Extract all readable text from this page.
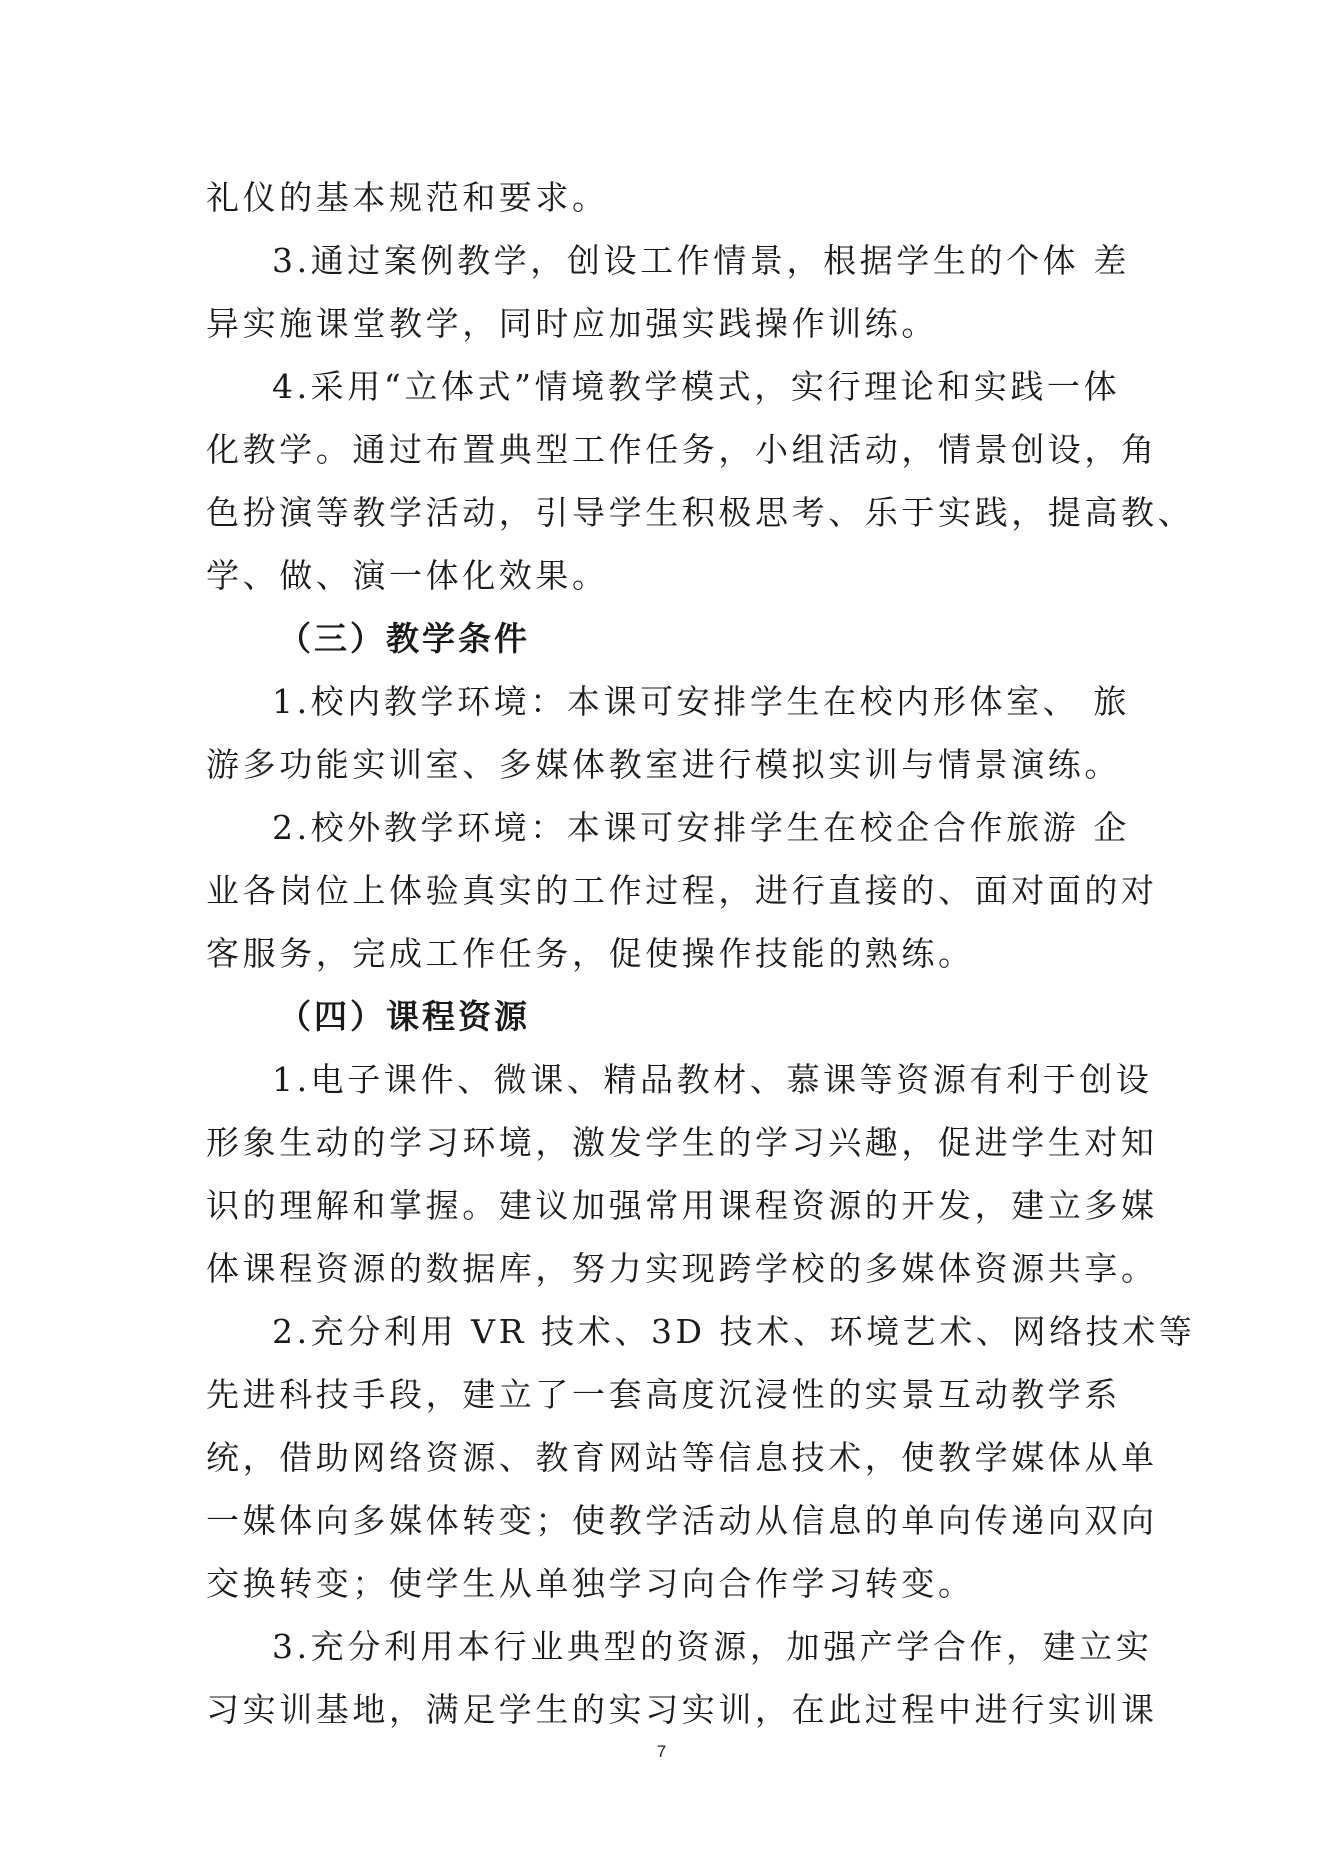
礼仪的基本规范和要求。
3.通过案例教学，创设工作情景，根据学生的个体 差
异实施课堂教学，同时应加强实践操作训练。
4.采用“立体式”情境教学模式，实行理论和实践一体
化教学。通过布置典型工作任务，小组活动，情景创设，角
色扮演等教学活动，引导学生积极思考、乐于实践，提高教、
学、做、演一体化效果。
（三）教学条件
1.校内教学环境：本课可安排学生在校内形体室、 旅
游多功能实训室、多媒体教室进行模拟实训与情景演练。
2.校外教学环境：本课可安排学生在校企合作旅游 企
业各岗位上体验真实的工作过程，进行直接的、面对面的对
客服务，完成工作任务，促使操作技能的熟练。
（四）课程资源
1.电子课件、微课、精品教材、慕课等资源有利于创设
形象生动的学习环境，激发学生的学习兴趣，促进学生对知
识的理解和掌握。建议加强常用课程资源的开发，建立多媒
体课程资源的数据库，努力实现跨学校的多媒体资源共享。
2.充分利用 VR 技术、3D 技术、环境艺术、网络技术等
先进科技手段，建立了一套高度沉浸性的实景互动教学系
统，借助网络资源、教育网站等信息技术，使教学媒体从单
一媒体向多媒体转变；使教学活动从信息的单向传递向双向
交换转变；使学生从单独学习向合作学习转变。
3.充分利用本行业典型的资源，加强产学合作，建立实
习实训基地，满足学生的实习实训，在此过程中进行实训课
7
